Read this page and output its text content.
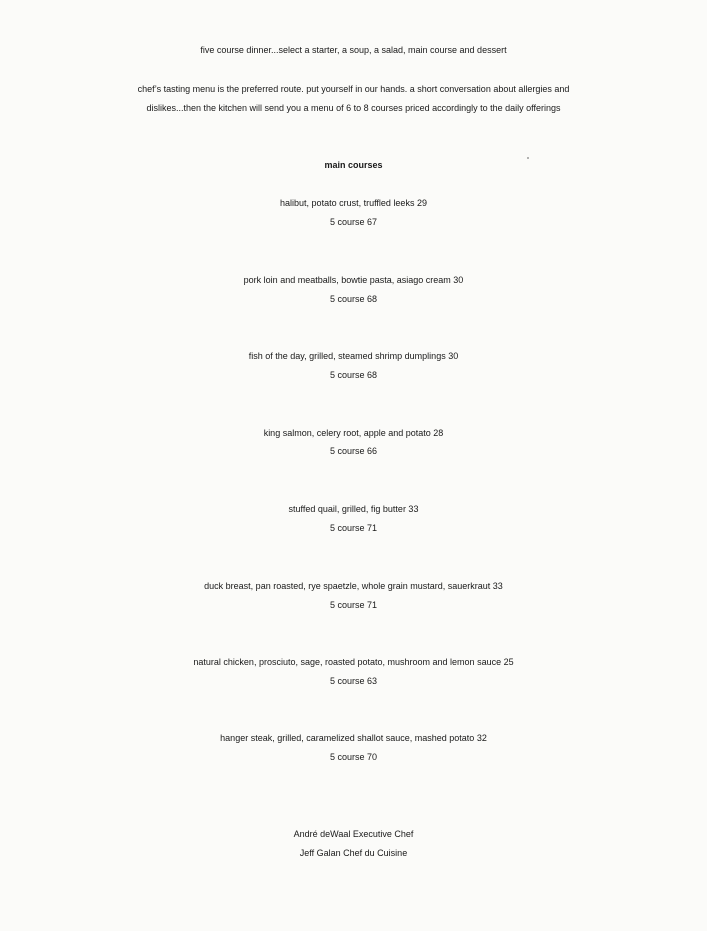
five course dinner...select a starter, a soup, a salad, main course and dessert
chef’s tasting menu is the preferred route. put yourself in our hands. a short conversation about allergies and
dislikes...then the kitchen will send you a menu of 6 to 8 courses priced accordingly to the daily offerings
main courses
halibut, potato crust, truffled leeks 29
5 course 67
pork loin and meatballs, bowtie pasta, asiago cream 30
5 course 68
fish of the day, grilled, steamed shrimp dumplings 30
5 course 68
king salmon, celery root, apple and potato 28
5 course 66
stuffed quail, grilled, fig butter 33
5 course 71
duck breast, pan roasted, rye spaetzle, whole grain mustard, sauerkraut 33
5 course 71
natural chicken, prosciuto, sage, roasted potato, mushroom and lemon sauce 25
5 course 63
hanger steak, grilled, caramelized shallot sauce, mashed potato 32
5 course 70
André deWaal Executive Chef
Jeff Galan Chef du Cuisine
